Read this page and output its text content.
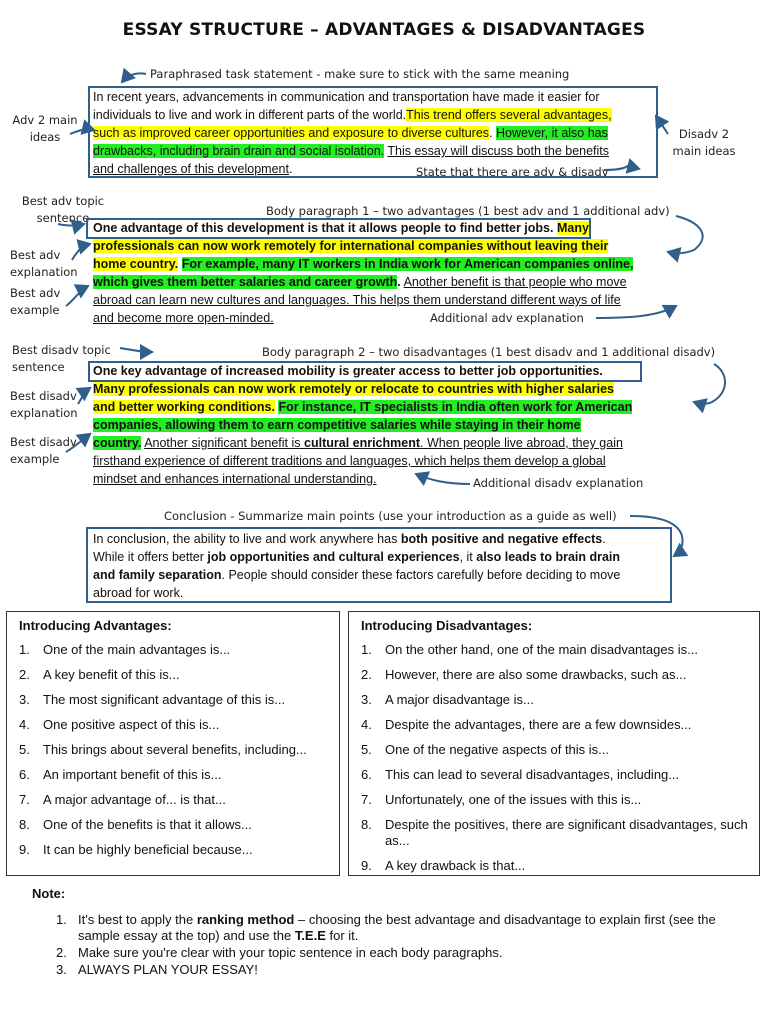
ESSAY STRUCTURE – ADVANTAGES & DISADVANTAGES
Paraphrased task statement - make sure to stick with the same meaning
Adv 2 main
ideas	Disadv 2
main ideas
State that there are adv & disadv
Best adv topic
sentence	Body paragraph 1 – two advantages (1 best adv and 1 additional adv)
Best adv
explanation
Best adv
example
Additional adv explanation
Best disadv topic
sentence
Body paragraph 2 – two disadvantages (1 best disadv and 1 additional disadv)
Best disadv
explanation
Best disadv
example
Additional disadv explanation
Conclusion - Summarize main points (use your introduction as a guide as well)
In recent years, advancements in communication and transportation have made it easier for
individuals to live and work in different parts of the world.This trend offers several advantages,
such as improved career opportunities and exposure to diverse cultures. However, it also has
drawbacks, including brain drain and social isolation. This essay will discuss both the benefits
and challenges of this development.
One advantage of this development is that it allows people to find better jobs. Many
professionals can now work remotely for international companies without leaving their
home country. For example, many IT workers in India work for American companies online,
which gives them better salaries and career growth. Another benefit is that people who move
abroad can learn new cultures and languages. This helps them understand different ways of life
and become more open-minded.
One key advantage of increased mobility is greater access to better job opportunities.
Many professionals can now work remotely or relocate to countries with higher salaries
and better working conditions. For instance, IT specialists in India often work for American
companies, allowing them to earn competitive salaries while staying in their home
country. Another significant benefit is cultural enrichment. When people live abroad, they gain
firsthand experience of different traditions and languages, which helps them develop a global
mindset and enhances international understanding.
In conclusion, the ability to live and work anywhere has both positive and negative effects.
While it offers better job opportunities and cultural experiences, it also leads to brain drain
and family separation. People should consider these factors carefully before deciding to move
abroad for work.
Introducing Advantages:
1.	One of the main advantages is...
2.	A key benefit of this is...
3.	The most significant advantage of this is...
4.	One positive aspect of this is...
5.	This brings about several benefits, including...
6.	An important benefit of this is...
7.	A major advantage of... is that...
8.	One of the benefits is that it allows...
9.	It can be highly beneficial because...
Introducing Disadvantages:
1.	On the other hand, one of the main disadvantages is...
2.	However, there are also some drawbacks, such as...
3.	A major disadvantage is...
4.	Despite the advantages, there are a few downsides...
5.	One of the negative aspects of this is...
6.	This can lead to several disadvantages, including...
7.	Unfortunately, one of the issues with this is...
8.	Despite the positives, there are significant disadvantages, such as...
9.	A key drawback is that...
Note:
1. It's best to apply the ranking method – choosing the best advantage and disadvantage to explain first (see the sample essay at the top) and use the T.E.E for it.
2. Make sure you're clear with your topic sentence in each body paragraphs.
3. ALWAYS PLAN YOUR ESSAY!
